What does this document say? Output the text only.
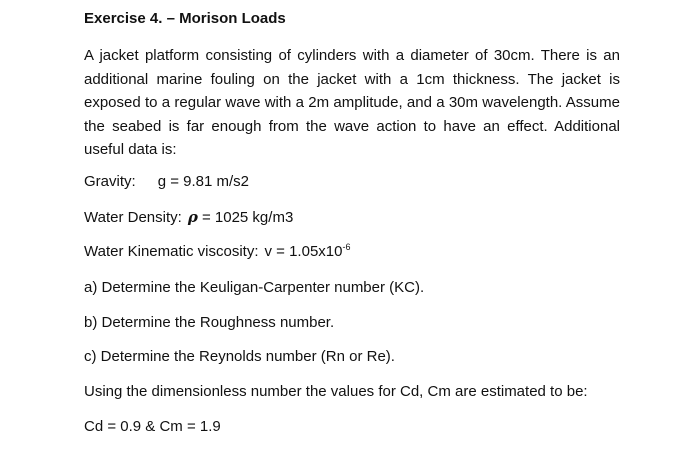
Exercise 4. – Morison Loads
A jacket platform consisting of cylinders with a diameter of 30cm. There is an additional marine fouling on the jacket with a 1cm thickness. The jacket is exposed to a regular wave with a 2m amplitude, and a 30m wavelength. Assume the seabed is far enough from the wave action to have an effect. Additional useful data is:
Gravity: g = 9.81 m/s2
Water Density: ρ = 1025 kg/m3
Water Kinematic viscosity: $v = 1.05x10^{-6}$
a) Determine the Keuligan-Carpenter number (KC).
b) Determine the Roughness number.
c) Determine the Reynolds number (Rn or Re).
Using the dimensionless number the values for Cd, Cm are estimated to be:
Cd = 0.9 & Cm = 1.9
